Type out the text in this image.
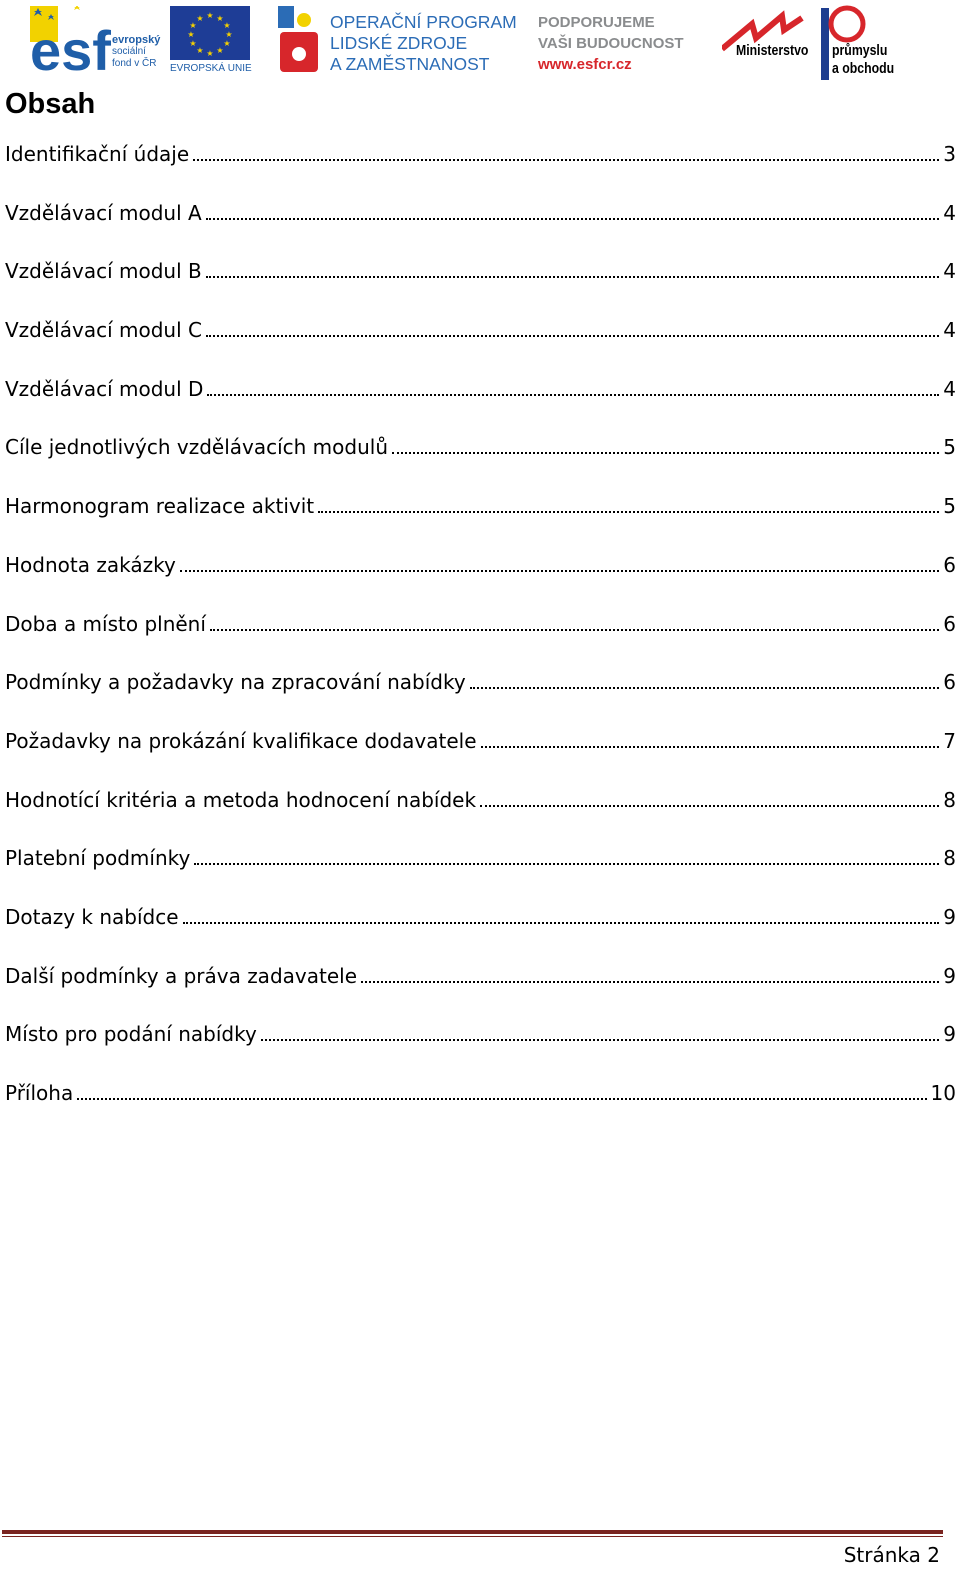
esf evropský
sociální
fond v ČR
★ ★
★
★
★
★
★
★
★
★
★
★
EVROPSKÁ UNIE
OPERAČNÍ PROGRAM
LIDSKÉ ZDROJE
A ZAMĚSTNANOST
PODPORUJEME
VAŠI BUDOUCNOST
www.esfcr.cz
Ministerstvo průmyslu
a obchodu
Obsah
Identifikační údaje	3
Vzdělávací modul A	4
Vzdělávací modul B	4
Vzdělávací modul C	4
Vzdělávací modul D	4
Cíle jednotlivých vzdělávacích modulů	5
Harmonogram realizace aktivit	5
Hodnota zakázky	6
Doba a místo plnění	6
Podmínky a požadavky na zpracování nabídky	6
Požadavky na prokázání kvalifikace dodavatele	7
Hodnotící kritéria a metoda hodnocení nabídek	8
Platební podmínky	8
Dotazy k nabídce	9
Další podmínky a práva zadavatele	9
Místo pro podání nabídky	9
Příloha	10
Stránka 2
